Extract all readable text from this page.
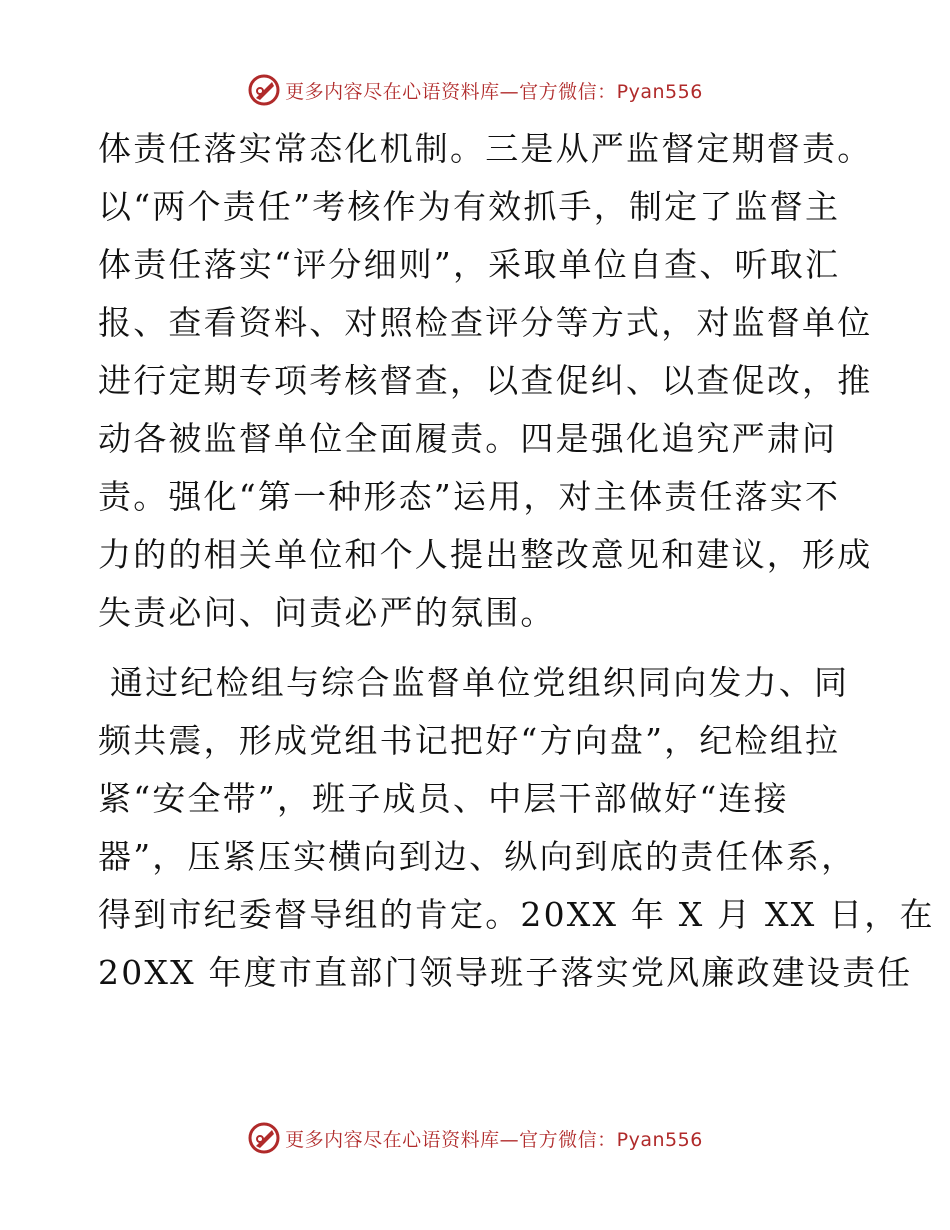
更多内容尽在心语资料库—官方微信：Pyan556
体责任落实常态化机制。三是从严监督定期督责。
以“两个责任”考核作为有效抓手，制定了监督主
体责任落实“评分细则”，采取单位自查、听取汇
报、查看资料、对照检查评分等方式，对监督单位
进行定期专项考核督查，以查促纠、以查促改，推
动各被监督单位全面履责。四是强化追究严肃问
责。强化“第一种形态”运用，对主体责任落实不
力的的相关单位和个人提出整改意见和建议，形成
失责必问、问责必严的氛围。
通过纪检组与综合监督单位党组织同向发力、同
频共震，形成党组书记把好“方向盘”，纪检组拉
紧“安全带”，班子成员、中层干部做好“连接
器”，压紧压实横向到边、纵向到底的责任体系，
得到市纪委督导组的肯定。20XX 年 X 月 XX 日，在
20XX 年度市直部门领导班子落实党风廉政建设责任
更多内容尽在心语资料库—官方微信：Pyan556
